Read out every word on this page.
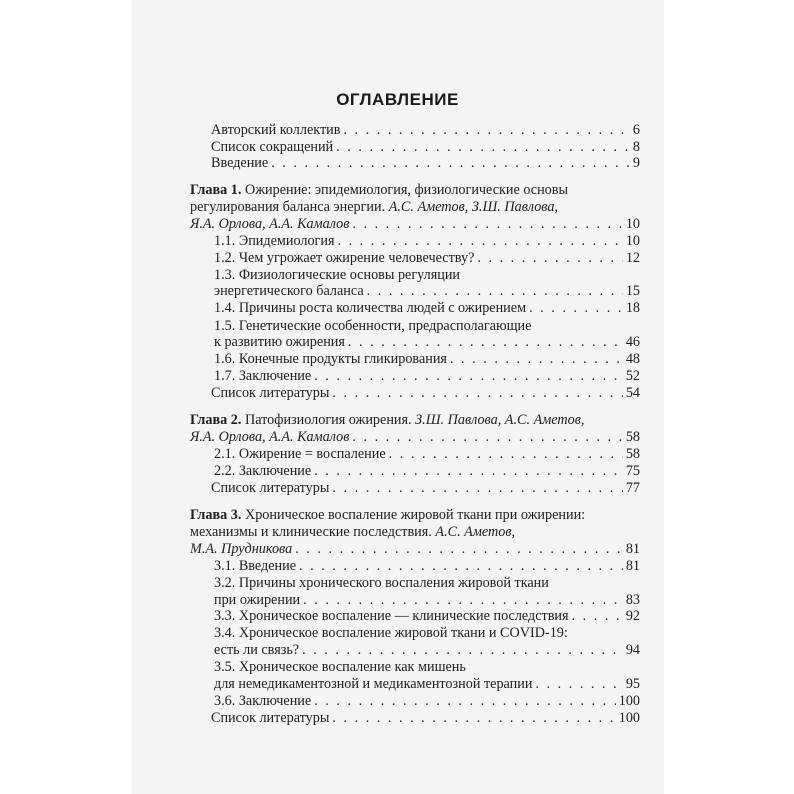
ОГЛАВЛЕНИЕ
Авторский коллектив . . .	6
Список сокращений . . .	8
Введение . . .	9
Глава 1. Ожирение: эпидемиология, физиологические основы
регулирования баланса энергии. А.С. Аметов, З.Ш. Павлова,
Я.А. Орлова, А.А. Камалов . . .	10
1.1. Эпидемиология . . .	10
1.2. Чем угрожает ожирение человечеству? . . .	12
1.3. Физиологические основы регуляции
энергетического баланса . . .	15
1.4. Причины роста количества людей с ожирением . . .	18
1.5. Генетические особенности, предрасполагающие
к развитию ожирения . . .	46
1.6. Конечные продукты гликирования . . .	48
1.7. Заключение . . .	52
Список литературы . . .	54
Глава 2. Патофизиология ожирения. З.Ш. Павлова, А.С. Аметов,
Я.А. Орлова, А.А. Камалов . . .	58
2.1. Ожирение = воспаление . . .	58
2.2. Заключение . . .	75
Список литературы . . .	77
Глава 3. Хроническое воспаление жировой ткани при ожирении:
механизмы и клинические последствия. А.С. Аметов,
М.А. Прудникова . . .	81
3.1. Введение . . .	81
3.2. Причины хронического воспаления жировой ткани
при ожирении . . .	83
3.3. Хроническое воспаление — клинические последствия . . .	92
3.4. Хроническое воспаление жировой ткани и COVID-19:
есть ли связь? . . .	94
3.5. Хроническое воспаление как мишень
для немедикаментозной и медикаментозной терапии . . .	95
3.6. Заключение . . .	100
Список литературы . . .	100
